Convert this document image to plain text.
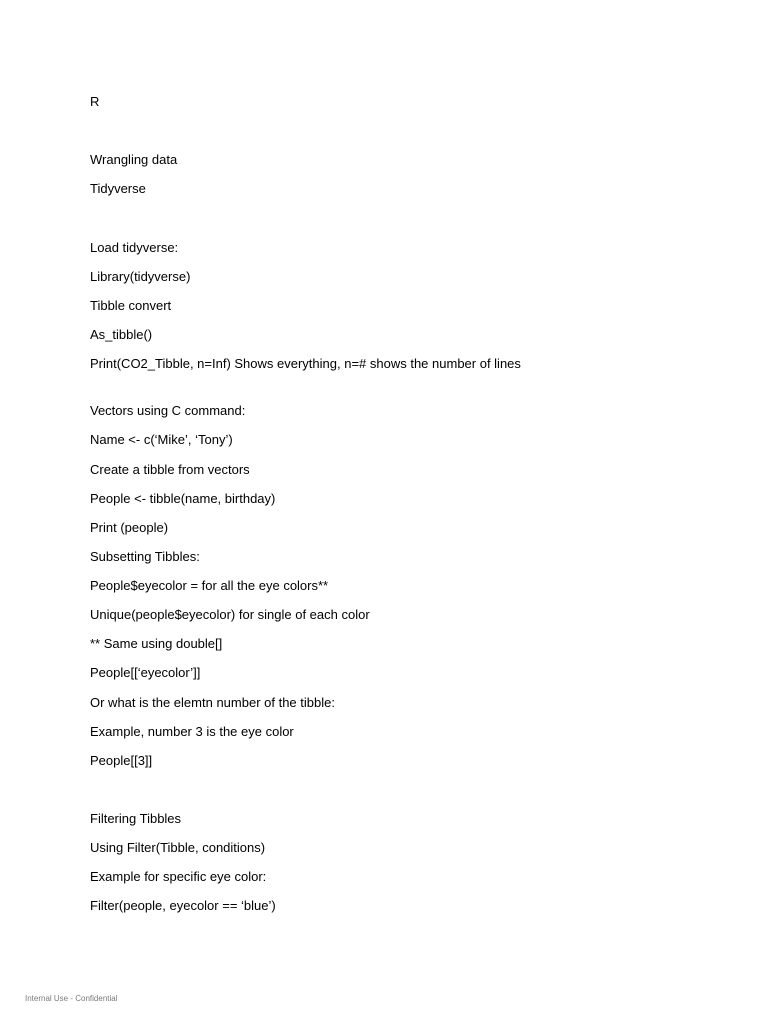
R
Wrangling data
Tidyverse
Load tidyverse:
Library(tidyverse)
Tibble convert
As_tibble()
Print(CO2_Tibble, n=Inf) Shows everything, n=# shows the number of lines
Vectors using C command:
Name <- c(‘Mike’, ‘Tony’)
Create a tibble from vectors
People <- tibble(name, birthday)
Print (people)
Subsetting Tibbles:
People$eyecolor = for all the eye colors**
Unique(people$eyecolor) for single of each color
** Same using double[]
People[[‘eyecolor’]]
Or what is the elemtn number of the tibble:
Example, number 3 is the eye color
People[[3]]
Filtering Tibbles
Using Filter(Tibble, conditions)
Example for specific eye color:
Filter(people, eyecolor == ‘blue’)
Internal Use - Confidential
